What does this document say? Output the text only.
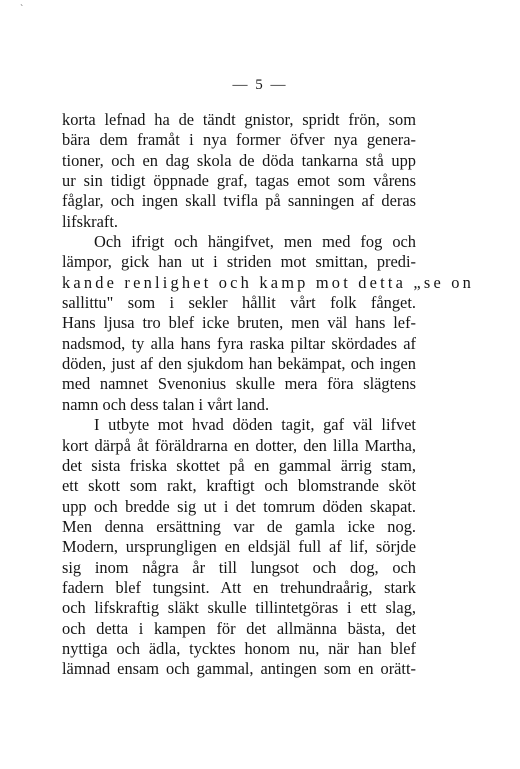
`
— 5 —
korta lefnad ha de tändt gnistor, spridt frön, som
bära dem framåt i nya former öfver nya genera-
tioner, och en dag skola de döda tankarna stå upp
ur sin tidigt öppnade graf, tagas emot som vårens
fåglar, och ingen skall tvifla på sanningen af deras
lifskraft.
Och ifrigt och hängifvet, men med fog och
lämpor, gick han ut i striden mot smittan, predi-
kande renlighet och kamp mot detta „se on
sallittu" som i sekler hållit vårt folk fånget.
Hans ljusa tro blef icke bruten, men väl hans lef-
nadsmod, ty alla hans fyra raska piltar skördades af
döden, just af den sjukdom han bekämpat, och ingen
med namnet Svenonius skulle mera föra slägtens
namn och dess talan i vårt land.
I utbyte mot hvad döden tagit, gaf väl lifvet
kort därpå åt föräldrarna en dotter, den lilla Martha,
det sista friska skottet på en gammal ärrig stam,
ett skott som rakt, kraftigt och blomstrande sköt
upp och bredde sig ut i det tomrum döden skapat.
Men denna ersättning var de gamla icke nog.
Modern, ursprungligen en eldsjäl full af lif, sörjde
sig inom några år till lungsot och dog, och
fadern blef tungsint. Att en trehundraårig, stark
och lifskraftig släkt skulle tillintetgöras i ett slag,
och detta i kampen för det allmänna bästa, det
nyttiga och ädla, tycktes honom nu, när han blef
lämnad ensam och gammal, antingen som en orätt-
